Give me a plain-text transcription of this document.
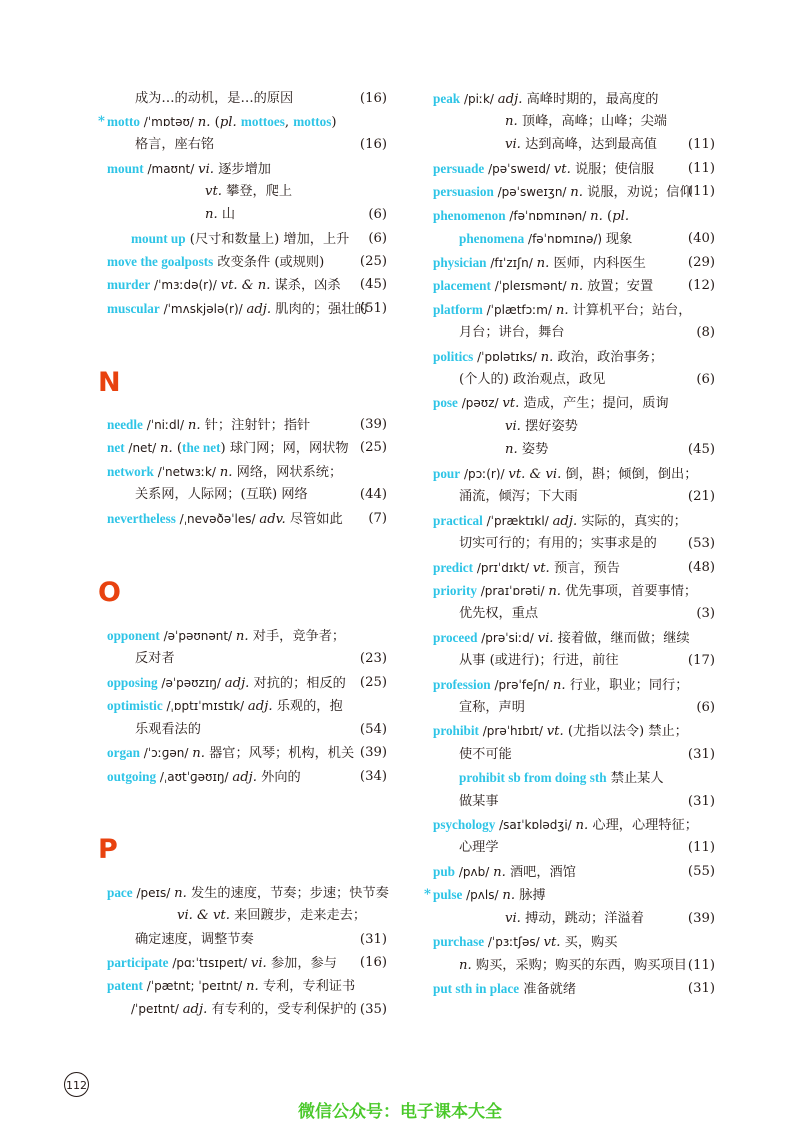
成为…的动机，是…的原因	(16)
* motto /ˈmɒtəʊ/ n. (pl. mottoes, mottos)
格言，座右铭	(16)
mount /maʊnt/ vi. 逐步增加
vt. 攀登，爬上
n. 山	(6)
mount up (尺寸和数量上) 增加，上升 (6)
move the goalposts 改变条件 (或规则)	(25)
murder /ˈmɜːdə(r)/ vt. & n. 谋杀，凶杀 (45)
muscular /ˈmʌskjələ(r)/ adj. 肌肉的；强壮的
(51)
needle /ˈniːdl/ n. 针；注射针；指针	(39)
net /net/ n. (the net) 球门网；网，网状物 (25)
network /ˈnetwɜːk/ n. 网络，网状系统；
关系网，人际网；(互联) 网络	(44)
nevertheless /ˌnevəðəˈles/ adv. 尽管如此 (7)
opponent /əˈpəʊnənt/ n. 对手，竞争者；
反对者	(23)
opposing /əˈpəʊzɪŋ/ adj. 对抗的；相反的 (25)
optimistic /ˌɒptɪˈmɪstɪk/ adj. 乐观的，抱
乐观看法的	(54)
organ /ˈɔːɡən/ n. 器官；风琴；机构，机关 (39)
outgoing /ˌaʊtˈɡəʊɪŋ/ adj. 外向的	(34)
pace /peɪs/ n. 发生的速度，节奏；步速；快节奏
vi. & vt. 来回踱步，走来走去；
确定速度，调整节奏	(31)
participate /pɑːˈtɪsɪpeɪt/ vi. 参加，参与 (16)
patent /ˈpætnt; ˈpeɪtnt/ n. 专利，专利证书
/ˈpeɪtnt/ adj. 有专利的，受专利保护的 (35)
peak /piːk/ adj. 高峰时期的，最高度的
n. 顶峰，高峰；山峰；尖端
vi. 达到高峰，达到最高值 (11)
persuade /pəˈsweɪd/ vt. 说服；使信服	(11)
persuasion /pəˈsweɪʒn/ n. 说服，劝说；信仰
(11)
phenomenon /fəˈnɒmɪnən/ n. (pl.
phenomena /fəˈnɒmɪnə/) 现象	(40)
physician /fɪˈzɪʃn/ n. 医师，内科医生	(29)
placement /ˈpleɪsmənt/ n. 放置；安置	(12)
platform /ˈplætfɔːm/ n. 计算机平台；站台，
月台；讲台，舞台	(8)
politics /ˈpɒlətɪks/ n. 政治，政治事务；
(个人的) 政治观点，政见	(6)
pose /pəʊz/ vt. 造成，产生；提问，质询
vi. 摆好姿势
n. 姿势	(45)
pour /pɔː(r)/ vt. & vi. 倒，斟；倾倒，倒出；
涌流，倾泻；下大雨	(21)
practical /ˈpræktɪkl/ adj. 实际的，真实的；
切实可行的；有用的；实事求是的 (53)
predict /prɪˈdɪkt/ vt. 预言，预告	(48)
priority /praɪˈɒrəti/ n. 优先事项，首要事情；
优先权，重点	(3)
proceed /prəˈsiːd/ vi. 接着做，继而做；继续
从事 (或进行)；行进，前往	(17)
profession /prəˈfeʃn/ n. 行业，职业；同行；
宣称，声明	(6)
prohibit /prəˈhɪbɪt/ vt. (尤指以法令) 禁止；
使不可能	(31)
prohibit sb from doing sth 禁止某人
做某事	(31)
psychology /saɪˈkɒlədʒi/ n. 心理，心理特征；
心理学	(11)
pub /pʌb/ n. 酒吧，酒馆	(55)
* pulse /pʌls/ n. 脉搏
vi. 搏动，跳动；洋溢着	(39)
purchase /ˈpɜːtʃəs/ vt. 买，购买
n. 购买，采购；购买的东西，购买项目 (11)
put sth in place 准备就绪	(31)
N
O
P
112
微信公众号：电子课本大全
